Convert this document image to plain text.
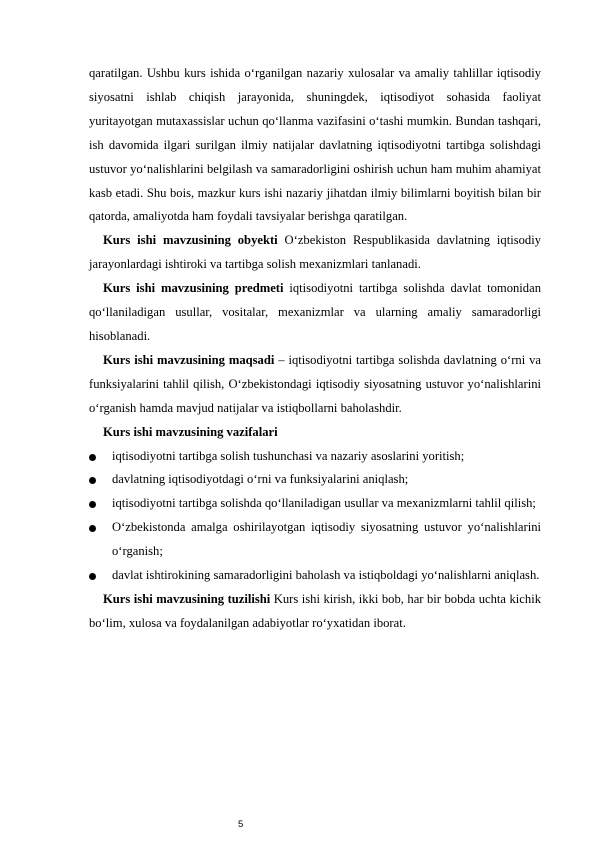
qaratilgan. Ushbu kurs ishida o‘rganilgan nazariy xulosalar va amaliy tahlillar iqtisodiy siyosatni ishlab chiqish jarayonida, shuningdek, iqtisodiyot sohasida faoliyat yuritayotgan mutaxassislar uchun qo‘llanma vazifasini o‘tashi mumkin. Bundan tashqari, ish davomida ilgari surilgan ilmiy natijalar davlatning iqtisodiyotni tartibga solishdagi ustuvor yo‘nalishlarini belgilash va samaradorligini oshirish uchun ham muhim ahamiyat kasb etadi. Shu bois, mazkur kurs ishi nazariy jihatdan ilmiy bilimlarni boyitish bilan bir qatorda, amaliyotda ham foydali tavsiyalar berishga qaratilgan.

Kurs ishi mavzusining obyekti O‘zbekiston Respublikasida davlatning iqtisodiy jarayonlardagi ishtiroki va tartibga solish mexanizmlari tanlanadi.

Kurs ishi mavzusining predmeti iqtisodiyotni tartibga solishda davlat tomonidan qo‘llaniladigan usullar, vositalar, mexanizmlar va ularning amaliy samaradorligi hisoblanadi.

Kurs ishi mavzusining maqsadi – iqtisodiyotni tartibga solishda davlatning o‘rni va funksiyalarini tahlil qilish, O‘zbekistondagi iqtisodiy siyosatning ustuvor yo‘nalishlarini o‘rganish hamda mavjud natijalar va istiqbollarni baholashdir.

Kurs ishi mavzusining vazifalari

iqtisodiyotni tartibga solish tushunchasi va nazariy asoslarini yoritish;
davlatning iqtisodiyotdagi o‘rni va funksiyalarini aniqlash;
iqtisodiyotni tartibga solishda qo‘llaniladigan usullar va mexanizmlarni tahlil qilish;
O‘zbekistonda amalga oshirilayotgan iqtisodiy siyosatning ustuvor yo‘nalishlarini o‘rganish;
davlat ishtirokining samaradorligini baholash va istiqboldagi yo‘nalishlarni aniqlash.

Kurs ishi mavzusining tuzilishi Kurs ishi kirish, ikki bob, har bir bobda uchta kichik bo‘lim, xulosa va foydalanilgan adabiyotlar ro‘yxatidan iborat.

5
